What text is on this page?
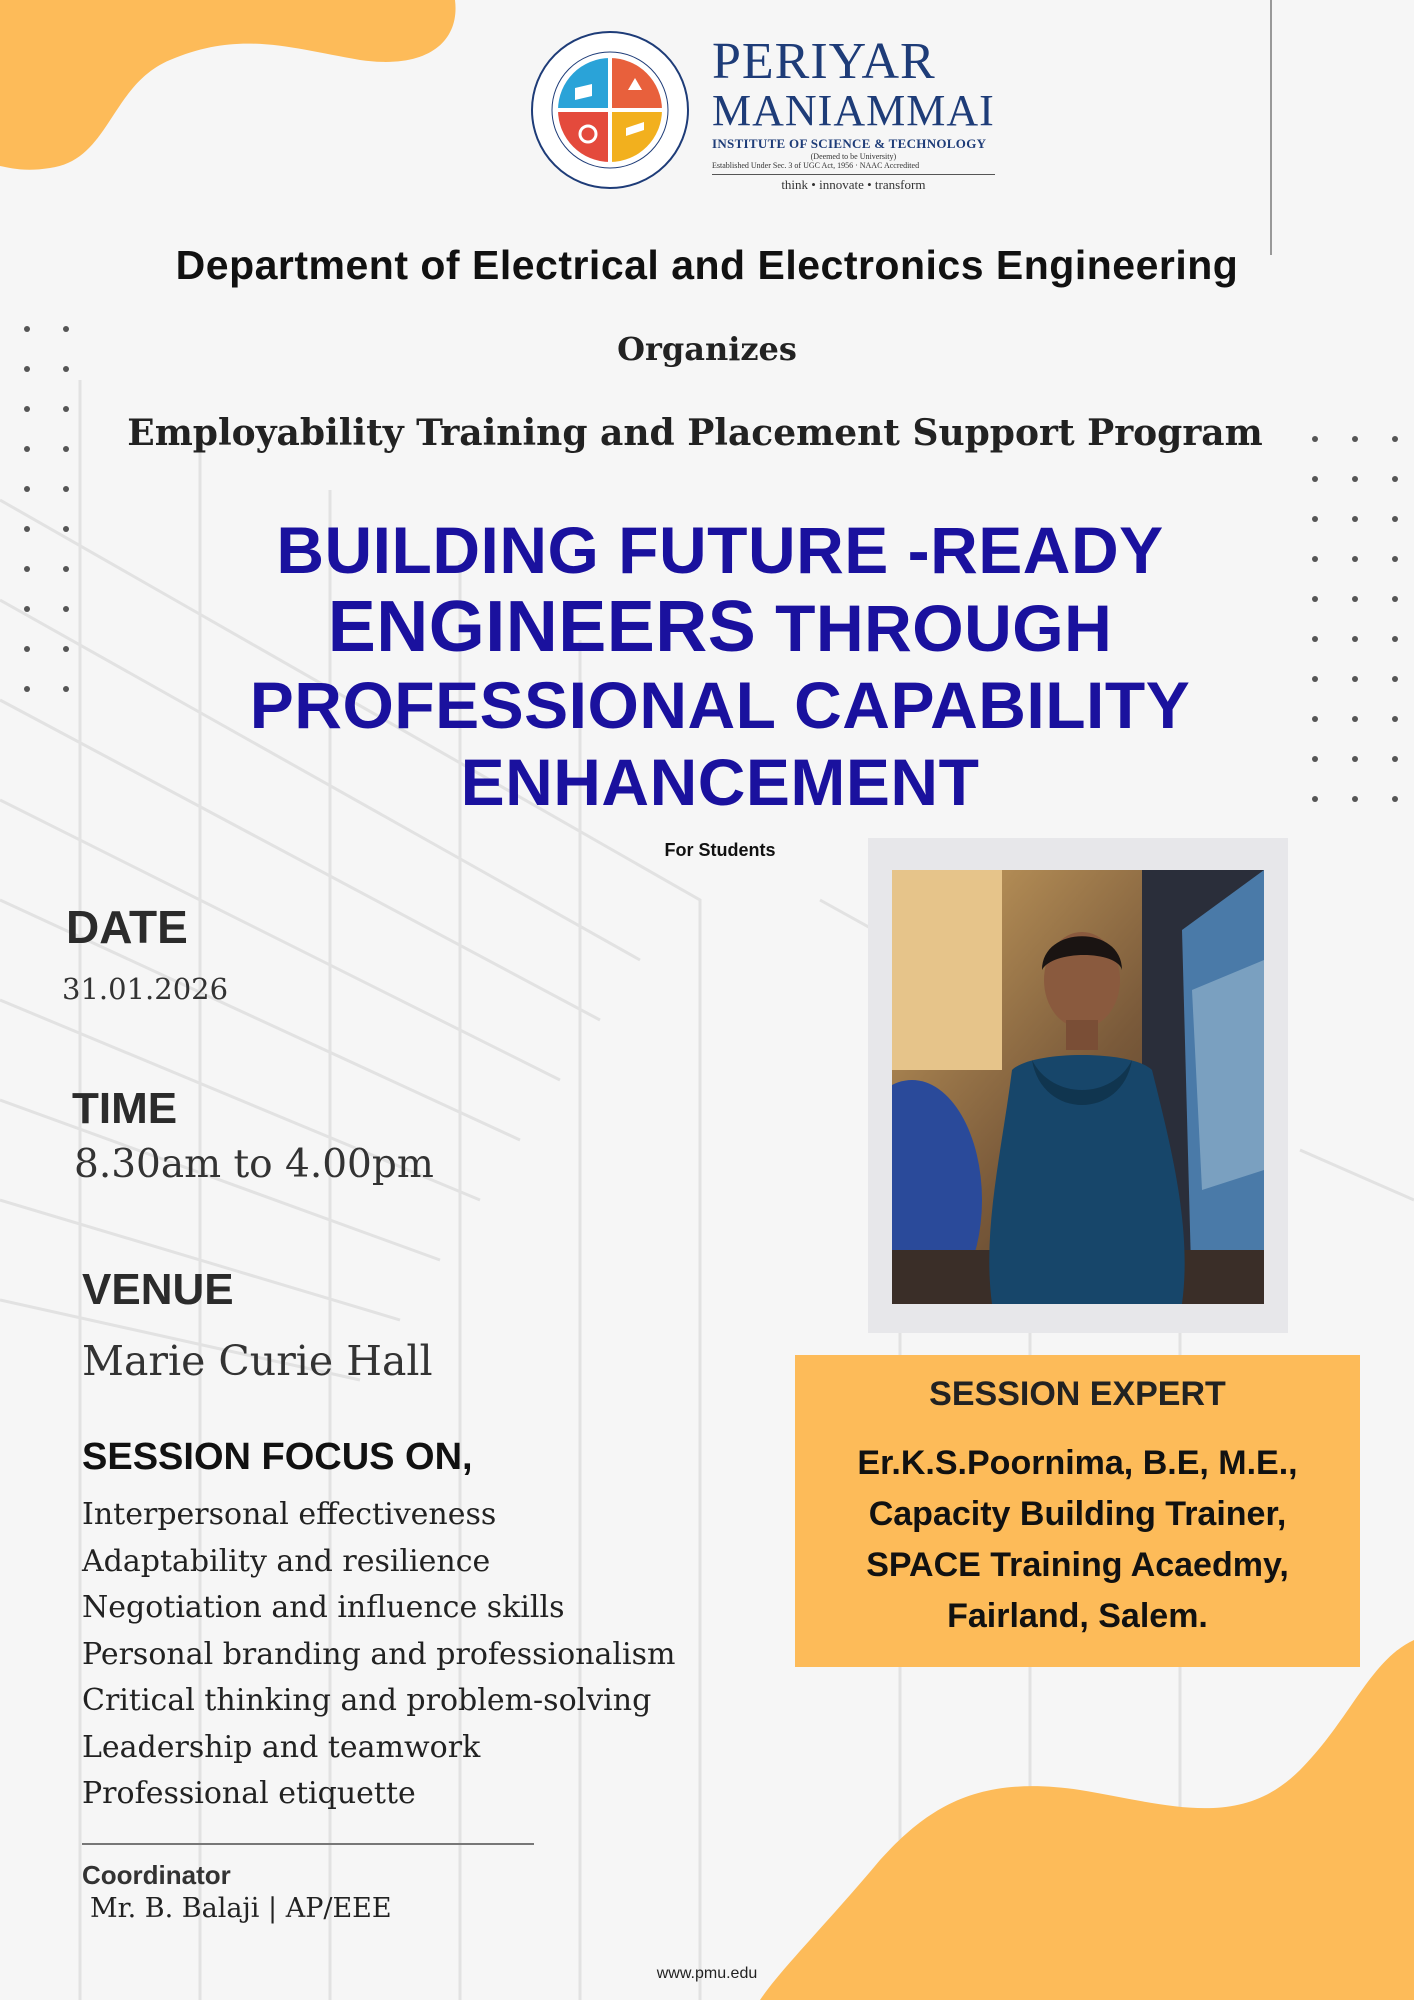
PERIYAR
MANIAMMAI
INSTITUTE OF SCIENCE & TECHNOLOGY
(Deemed to be University)
Established Under Sec. 3 of UGC Act, 1956 · NAAC Accredited
think • innovate • transform
Department of Electrical and Electronics Engineering
Organizes
Employability Training and Placement Support Program
BUILDING FUTURE -READY
ENGINEERS THROUGH
PROFESSIONAL CAPABILITY
ENHANCEMENT
For Students
DATE
31.01.2026
TIME
8.30am to 4.00pm
VENUE
Marie Curie Hall
SESSION FOCUS ON,
Interpersonal effectiveness
Adaptability and resilience
Negotiation and influence skills
Personal branding and professionalism
Critical thinking and problem-solving
Leadership and teamwork
Professional etiquette
SESSION EXPERT
Er.K.S.Poornima, B.E, M.E.,
Capacity Building Trainer,
SPACE Training Acaedmy,
Fairland, Salem.
Coordinator
Mr. B. Balaji | AP/EEE
www.pmu.edu
